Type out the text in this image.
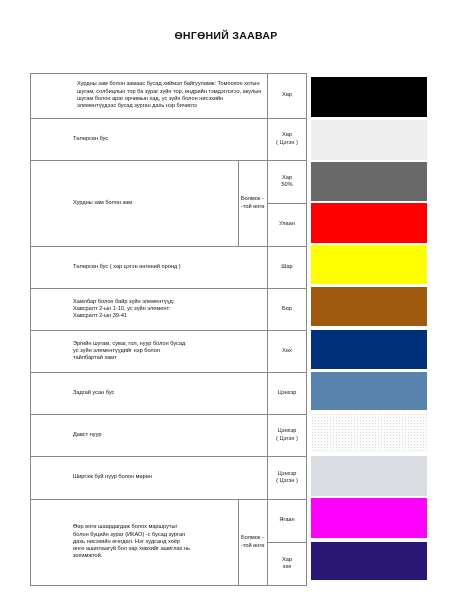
ӨНГӨНИЙ ЗААВАР
Хурдны зам болон замаас бусад хиймэл байгууламж: Томоохон хотын шугам, солбицлын тор ба зураг зүйн тор, өндрийн тэмдэглэгээ, акулын шугам болон араг орчимын хад, ус зүйн болон нисэхийн элементүүдээс бусад зурган дахь нэр бичиглэ		Хар
Төлөрсөн бус		Хар
( Цэгэн )
Хурдны зам болон зам	Болмок -
-той өнгө	Хар
50%
		Улаан
Төлөрсөн бус ( хар цэгэн өнгөний оронд )		Шар
Хамлбар болон байр зүйн элементүүд:
Хавсралт 2-ын 1-10, ус зүйн элемент:
Хавсралт 2-ын 39-41		Бор
Эргийн шугам, суваг, гол, нуур болон бусад
ус зүйн элементүүдийг нэр болон
тайлбартай хамт		Хөх
Задгай усан бус		Цэнхэр
Давст нуур		Цэнхэр
( Цэгэн )
Ширгэж буй нуур болон мөрөн		Цэнхэр
( Цэгэн )
Өөр өнгө шаардагдаж болох маршрутыг
болон буцийн зураг (ИКАО) -с бусад зурган
дахь нисэхийн өгөгдөл. Нэг худсанд хоёр
өнгө ашиглаагүй бол хар хөвхийг ашиглах нь
зохимжтой.	Болмок -
-той өнгө	Ягаан
		Хар
хөх
